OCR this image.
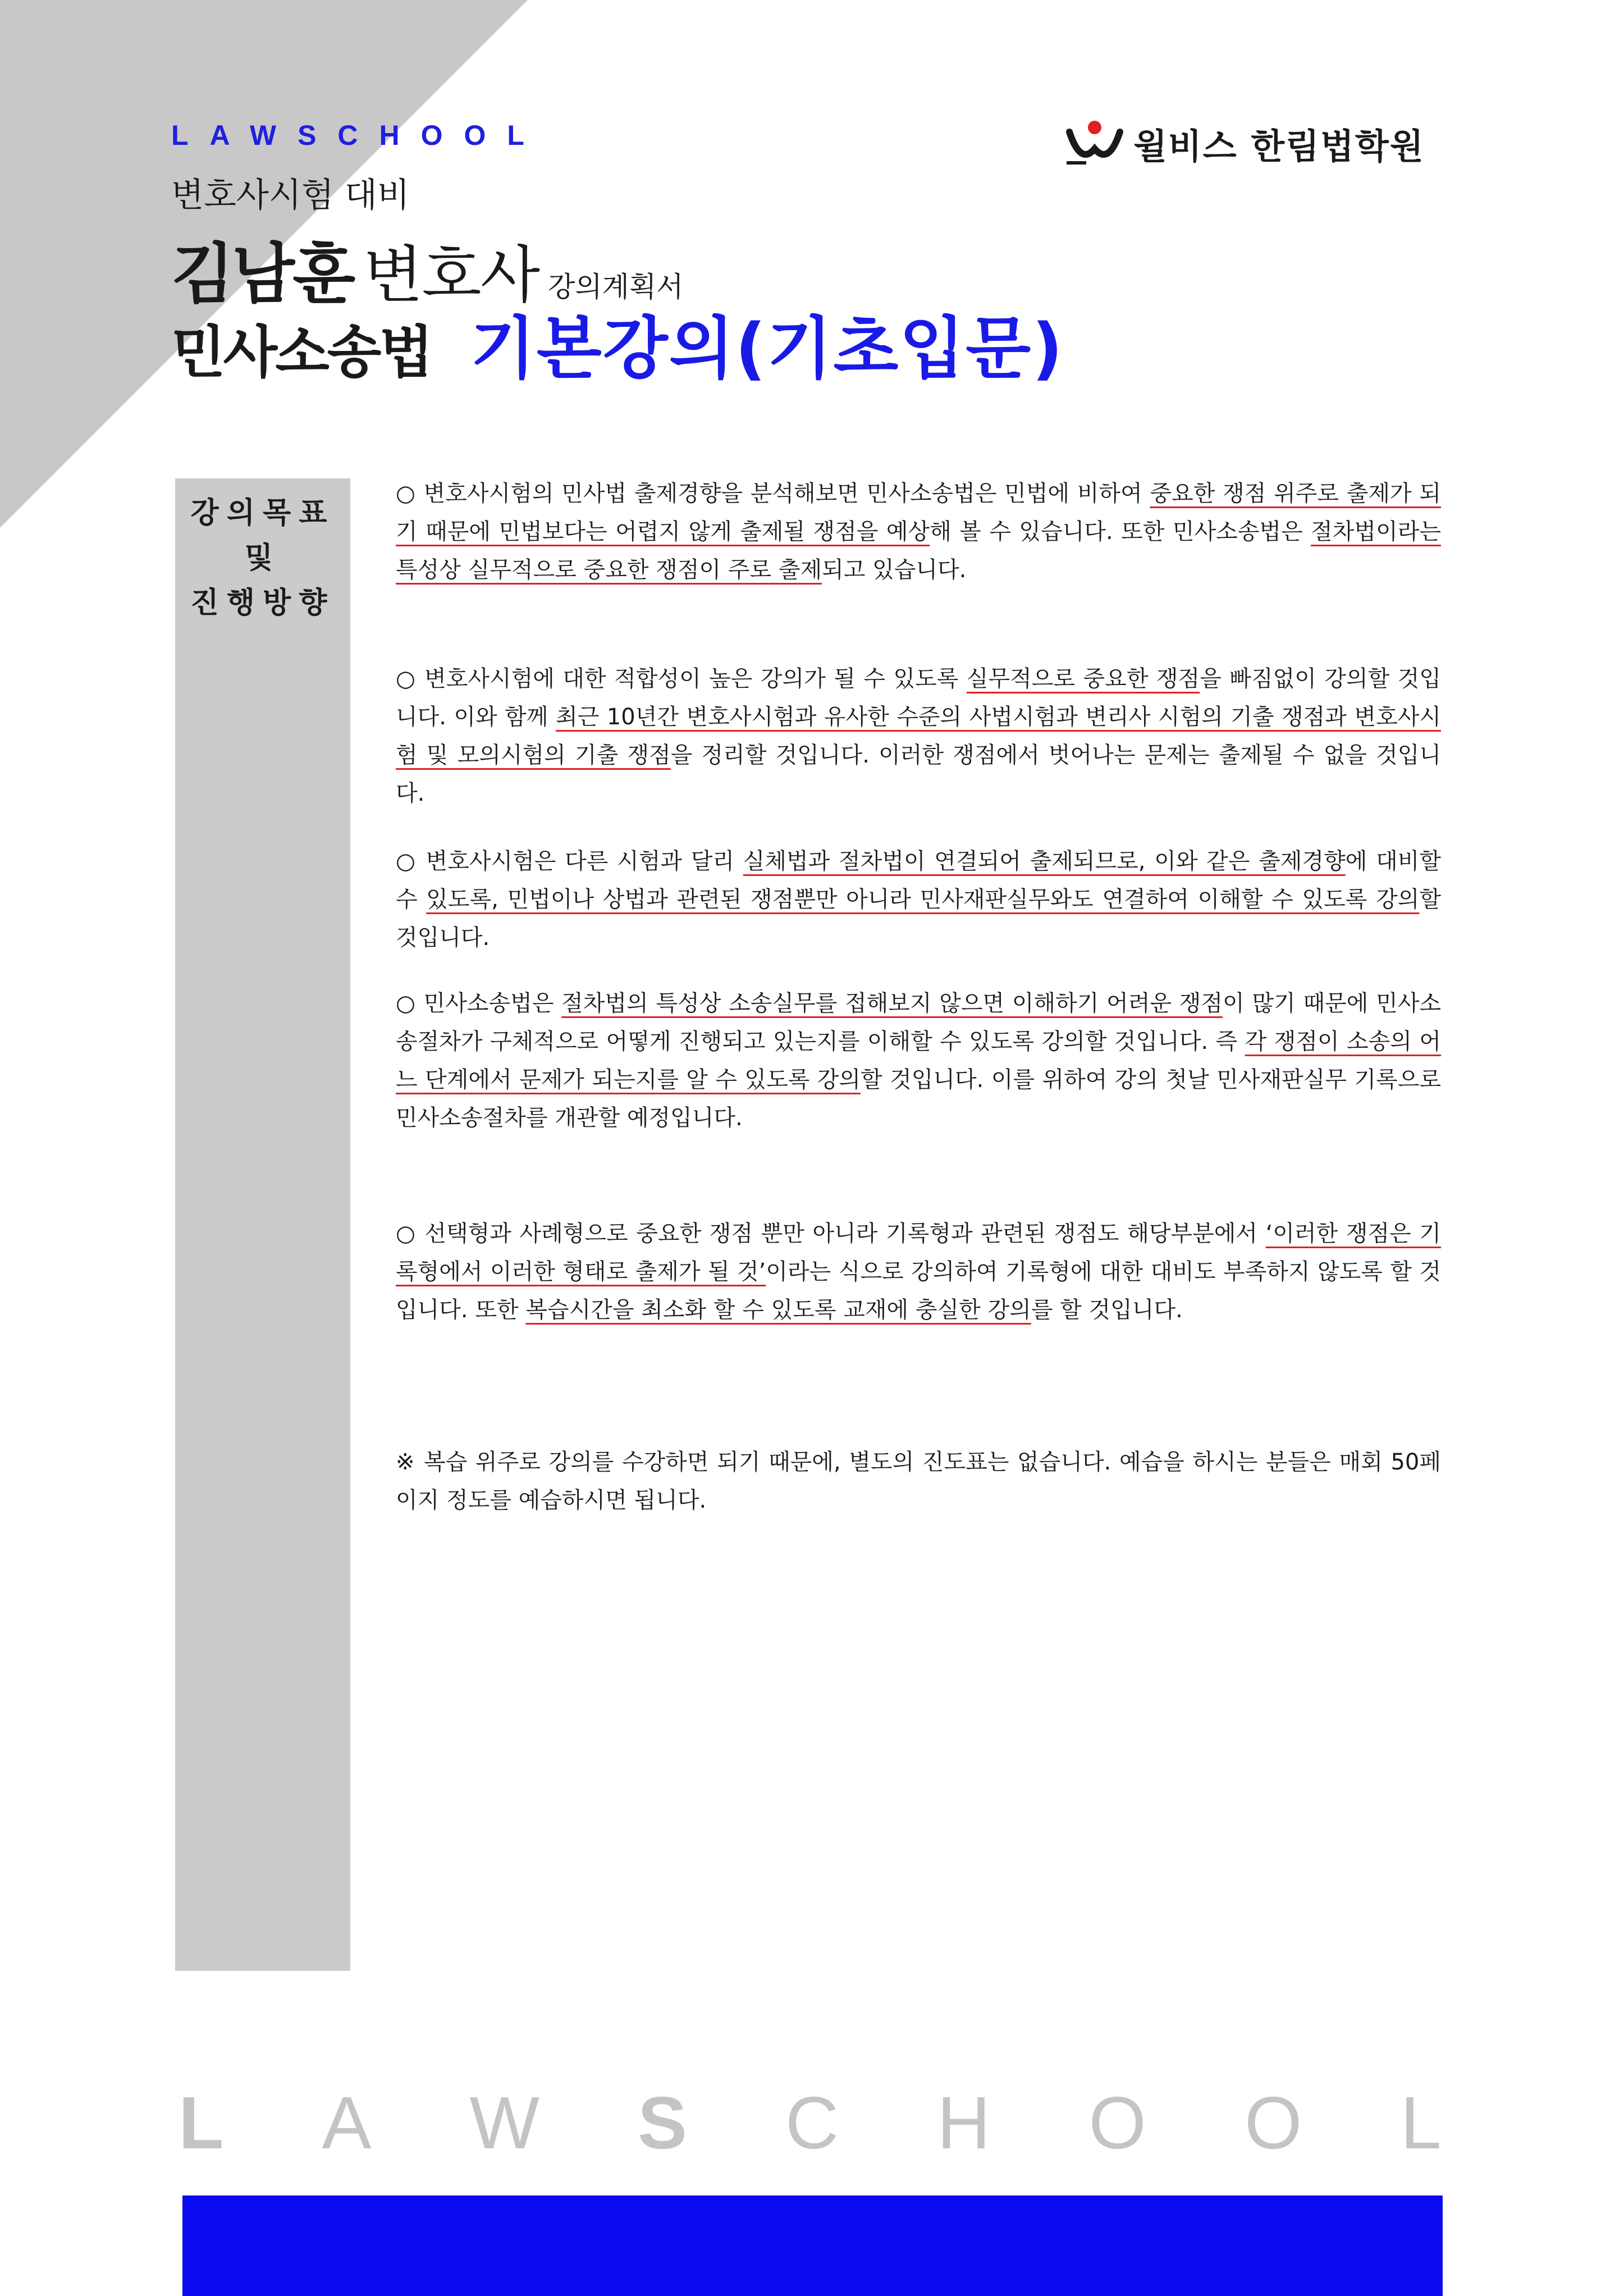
LAWSCHOOL	윌비스 한림법학원
변호사시험 대비
김남훈 변호사 강의계획서
민사소송법 기본강의(기초입문)
강의목표
및
진행방향

○ 변호사시험의 민사법 출제경향을 분석해보면 민사소송법은 민법에 비하여 중요한 쟁점 위주로 출제가 되기 때문에 민법보다는 어렵지 않게 출제될 쟁점을 예상해 볼 수 있습니다. 또한 민사소송법은 절차법이라는 특성상 실무적으로 중요한 쟁점이 주로 출제되고 있습니다.

○ 변호사시험에 대한 적합성이 높은 강의가 될 수 있도록 실무적으로 중요한 쟁점을 빠짐없이 강의할 것입니다. 이와 함께 최근 10년간 변호사시험과 유사한 수준의 사법시험과 변리사 시험의 기출 쟁점과 변호사시험 및 모의시험의 기출 쟁점을 정리할 것입니다. 이러한 쟁점에서 벗어나는 문제는 출제될 수 없을 것입니다.

○ 변호사시험은 다른 시험과 달리 실체법과 절차법이 연결되어 출제되므로, 이와 같은 출제경향에 대비할 수 있도록, 민법이나 상법과 관련된 쟁점뿐만 아니라 민사재판실무와도 연결하여 이해할 수 있도록 강의할 것입니다.

○ 민사소송법은 절차법의 특성상 소송실무를 접해보지 않으면 이해하기 어려운 쟁점이 많기 때문에 민사소송절차가 구체적으로 어떻게 진행되고 있는지를 이해할 수 있도록 강의할 것입니다. 즉 각 쟁점이 소송의 어느 단계에서 문제가 되는지를 알 수 있도록 강의할 것입니다. 이를 위하여 강의 첫날 민사재판실무 기록으로 민사소송절차를 개관할 예정입니다.

○ 선택형과 사례형으로 중요한 쟁점 뿐만 아니라 기록형과 관련된 쟁점도 해당부분에서 ‘이러한 쟁점은 기록형에서 이러한 형태로 출제가 될 것’이라는 식으로 강의하여 기록형에 대한 대비도 부족하지 않도록 할 것입니다. 또한 복습시간을 최소화 할 수 있도록 교재에 충실한 강의를 할 것입니다.

※ 복습 위주로 강의를 수강하면 되기 때문에, 별도의 진도표는 없습니다. 예습을 하시는 분들은 매회 50페이지 정도를 예습하시면 됩니다.

L A W S C H O O L
